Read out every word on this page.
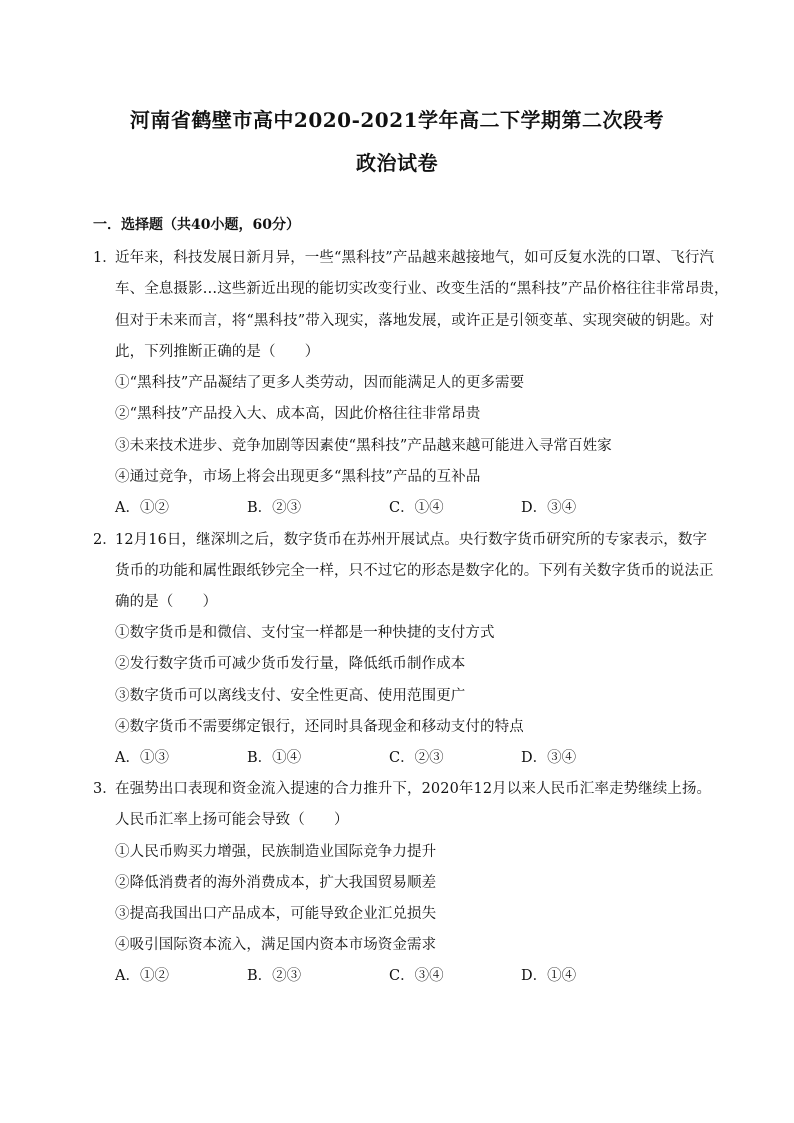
河南省鹤壁市高中2020-2021学年高二下学期第二次段考
政治试卷
一．选择题（共40小题，60分）
1．
近年来，科技发展日新月异，一些“黑科技”产品越来越接地气，如可反复水洗的口罩、飞行汽
车、全息摄影…这些新近出现的能切实改变行业、改变生活的“黑科技”产品价格往往非常昂贵，
但对于未来而言，将“黑科技”带入现实，落地发展，或许正是引领变革、实现突破的钥匙。对
此，下列推断正确的是（　　）
①“黑科技”产品凝结了更多人类劳动，因而能满足人的更多需要
②“黑科技”产品投入大、成本高，因此价格往往非常昂贵
③未来技术进步、竞争加剧等因素使“黑科技”产品越来越可能进入寻常百姓家
④通过竞争，市场上将会出现更多“黑科技”产品的互补品
A．①②	B．②③	C．①④	D．③④
2．
12月16日，继深圳之后，数字货币在苏州开展试点。央行数字货币研究所的专家表示，数字
货币的功能和属性跟纸钞完全一样，只不过它的形态是数字化的。下列有关数字货币的说法正
确的是（　　）
①数字货币是和微信、支付宝一样都是一种快捷的支付方式
②发行数字货币可减少货币发行量，降低纸币制作成本
③数字货币可以离线支付、安全性更高、使用范围更广
④数字货币不需要绑定银行，还同时具备现金和移动支付的特点
A．①③	B．①④	C．②③	D．③④
3．
在强势出口表现和资金流入提速的合力推升下，2020年12月以来人民币汇率走势继续上扬。
人民币汇率上扬可能会导致（　　）
①人民币购买力增强，民族制造业国际竞争力提升
②降低消费者的海外消费成本，扩大我国贸易顺差
③提高我国出口产品成本，可能导致企业汇兑损失
④吸引国际资本流入，满足国内资本市场资金需求
A．①②	B．②③	C．③④	D．①④
